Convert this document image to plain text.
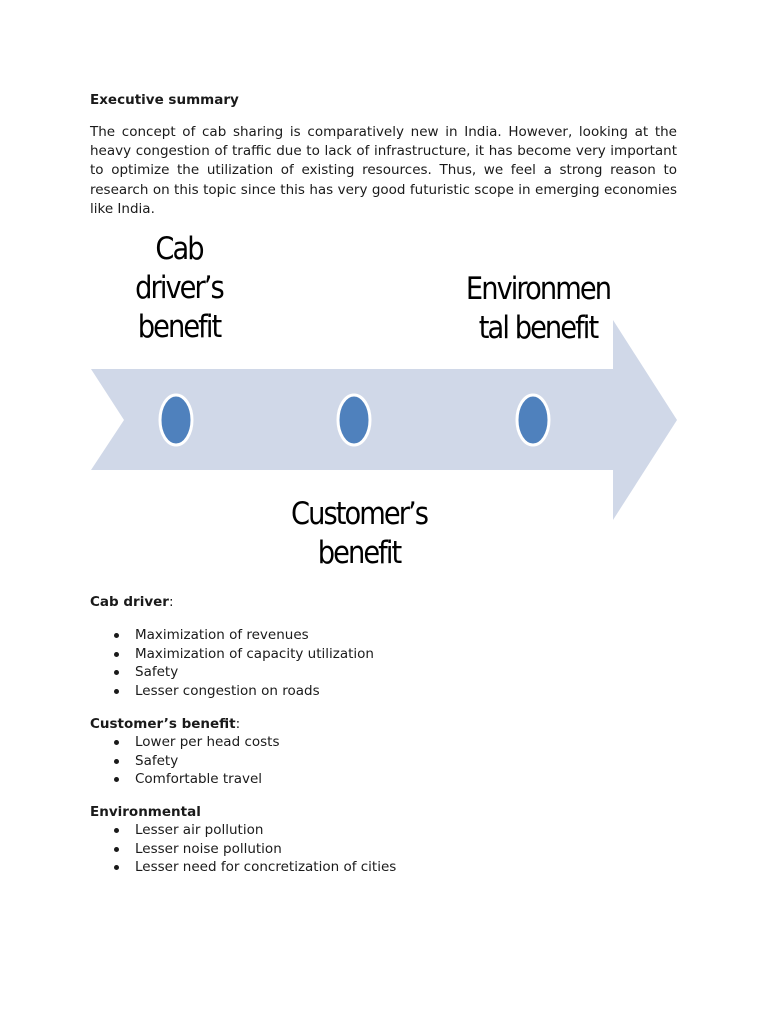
Executive summary
The concept of cab sharing is comparatively new in India. However, looking at the heavy congestion of traffic due to lack of infrastructure, it has become very important to optimize the utilization of existing resources. Thus, we feel a strong reason to research on this topic since this has very good futuristic scope in emerging economies like India.
Cab
driver’s
benefit
Environmen
tal benefit
Customer’s
benefit
Cab driver:
Maximization of revenues
Maximization of capacity utilization
Safety
Lesser congestion on roads
Customer’s benefit:
Lower per head costs
Safety
Comfortable travel
Environmental
Lesser air pollution
Lesser noise pollution
Lesser need for concretization of cities
